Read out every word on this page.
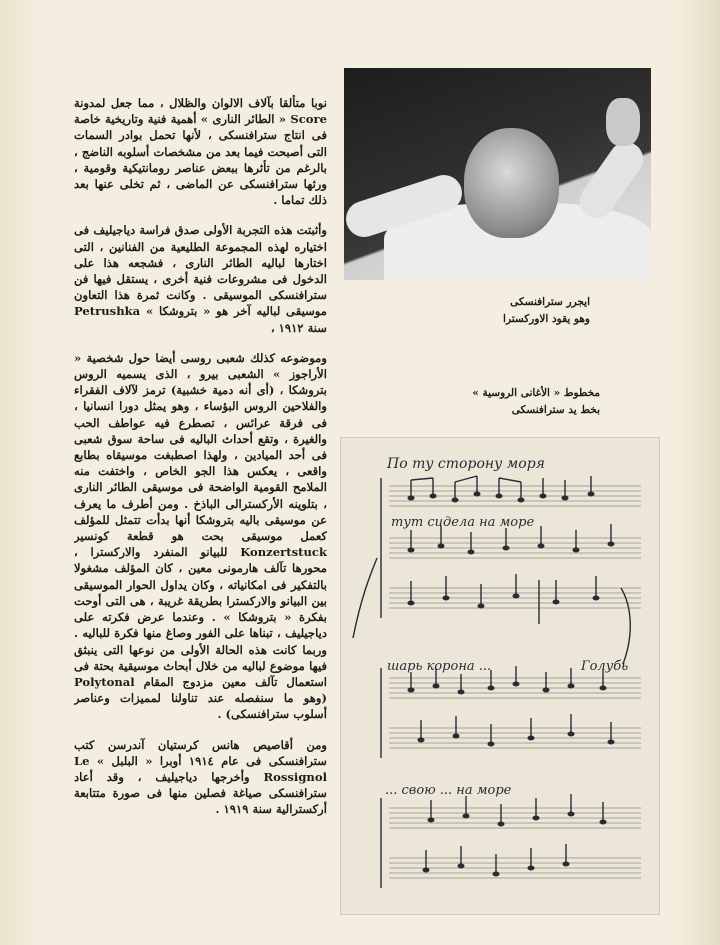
نوبا متألقا بآلاف الالوان والظلال ، مما جعل لمدونة Score « الطائر النارى » أهمية فنية وتاريخية خاصة فى انتاج سترافنسكى ، لأنها تحمل بوادر السمات التى أصبحت فيما بعد من مشخصات أسلوبه الناضج ، بالرغم من تأثرها ببعض عناصر رومانتيكية وقومية ، ورثها سترافنسكى عن الماضى ، ثم تخلى عنها بعد ذلك تماما .

وأثبتت هذه التجربة الأولى صدق فراسة دياجيليف فى اختياره لهذه المجموعة الطليعية من الفنانين ، التى اختارها لباليه الطائر النارى ، فشجعه هذا على الدخول فى مشروعات فنية أخرى ، يستقل فيها فن سترافنسكى الموسيقى . وكانت ثمرة هذا التعاون موسيقى لباليه آخر هو « بتروشكا » Petrushka سنة ١٩١٢ ،

وموضوعه كذلك شعبى روسى أيضا حول شخصية « الأراجوز » الشعبى بيرو ، الذى يسميه الروس بتروشكا ، (أى أنه دمية خشبية) ترمز لآلاف الفقراء والفلاحين الروس البؤساء ، وهو يمثل دورا انسانيا ، فى فرقة عرائس ، تصطرع فيه عواطف الحب والغيرة ، وتقع أحداث الباليه فى ساحة سوق شعبى فى أحد الميادين ، ولهذا اصطبغت موسيقاه بطابع واقعى ، يعكس هذا الجو الخاص ، واختفت منه الملامح القومية الواضحة فى موسيقى الطائر النارى ، بتلوينه الأركسترالى الباذخ . ومن أطرف ما يعرف عن موسيقى باليه بتروشكا أنها بدأت تتمثل للمؤلف كعمل موسيقى بحت هو قطعة كونسير Konzertstuck للبيانو المنفرد والاركسترا ، محورها تآلف هارمونى معين ، كان المؤلف مشغولا بالتفكير فى امكانياته ، وكان يداول الحوار الموسيقى بين البيانو والاركسترا بطريقة غريبة ، هى التى أوحت بفكرة « بتروشكا » . وعندما عرض فكرته على دياجيليف ، تبناها على الفور وصاغ منها فكرة للباليه . وربما كانت هذه الحالة الأولى من نوعها التى ينبثق فيها موضوع لباليه من خلال أبحاث موسيقية بحتة فى استعمال تآلف معين مزدوج المقام Polytonal (وهو ما سنفصله عند تناولنا لمميزات وعناصر أسلوب سترافنسكى) .

ومن أقاصيص هانس كرستيان آندرسن كتب سترافنسكى فى عام ١٩١٤ أوبرا « البلبل » Le Rossignol وأخرجها دياجيليف ، وقد أعاد سترافنسكى صياغة فصلين منها فى صورة متتابعة أركسترالية سنة ١٩١٩ .

ايجرر سترافنسكى
وهو يقود الاوركسترا
مخطوط « الأغانى الروسية »
بخط يد سترافنسكى
По ту сторону моря
тут сидела на море
Голубь
шарь корона ...
... свою ... на море
